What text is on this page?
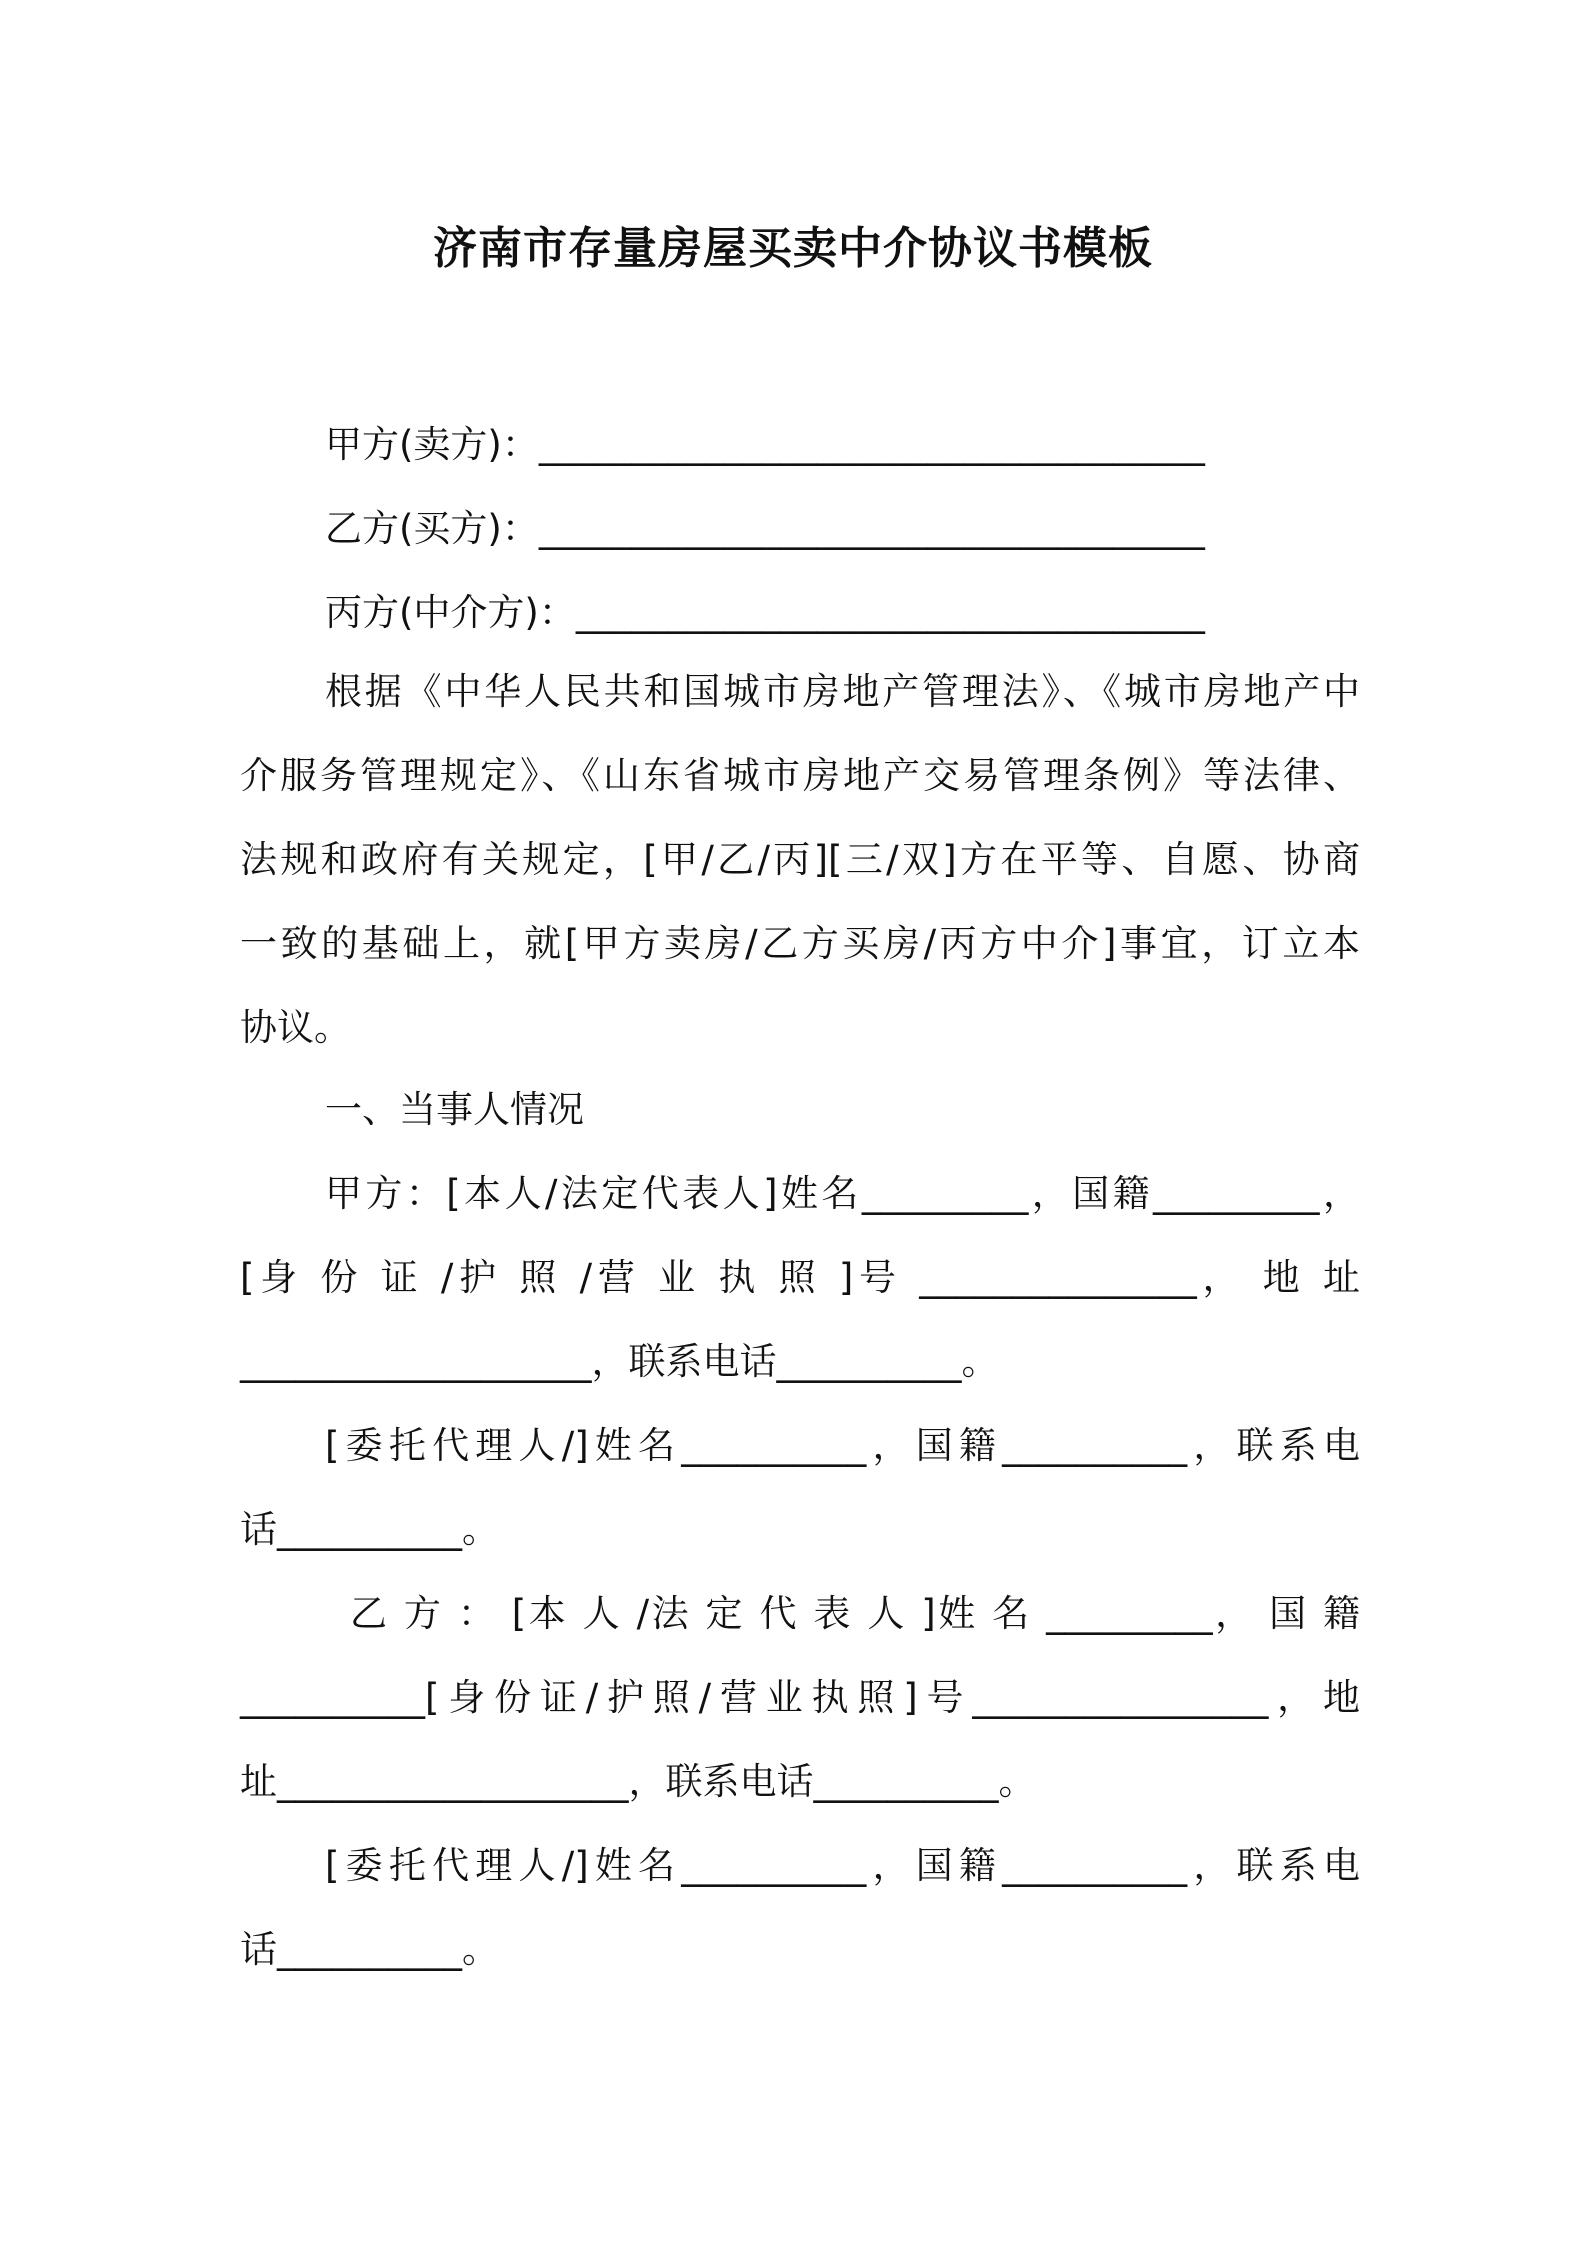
济南市存量房屋买卖中介协议书模板
甲方(卖方)：____________________________________
乙方(买方)：____________________________________
丙方(中介方)：__________________________________
根据《中华人民共和国城市房地产管理法》、《城市房地产中
介服务管理规定》、《山东省城市房地产交易管理条例》等法律、
法规和政府有关规定，[甲/乙/丙][三/双]方在平等、自愿、协商
一致的基础上，就[甲方卖房/乙方买房/丙方中介]事宜，订立本
协议。
一、当事人情况
甲方：[本人/法定代表人]姓名_________，国籍_________，
[身 份 证 /护 照 /营 业 执 照 ]号 _______________， 地 址
___________________，联系电话__________。
[委托代理人/]姓名__________，国籍__________，联系电
话__________。
乙 方 ： [本 人 /法 定 代 表 人 ]姓 名 _________， 国 籍
__________[身份证/护照/营业执照]号________________，地
址___________________，联系电话__________。
[委托代理人/]姓名__________，国籍__________，联系电
话__________。
